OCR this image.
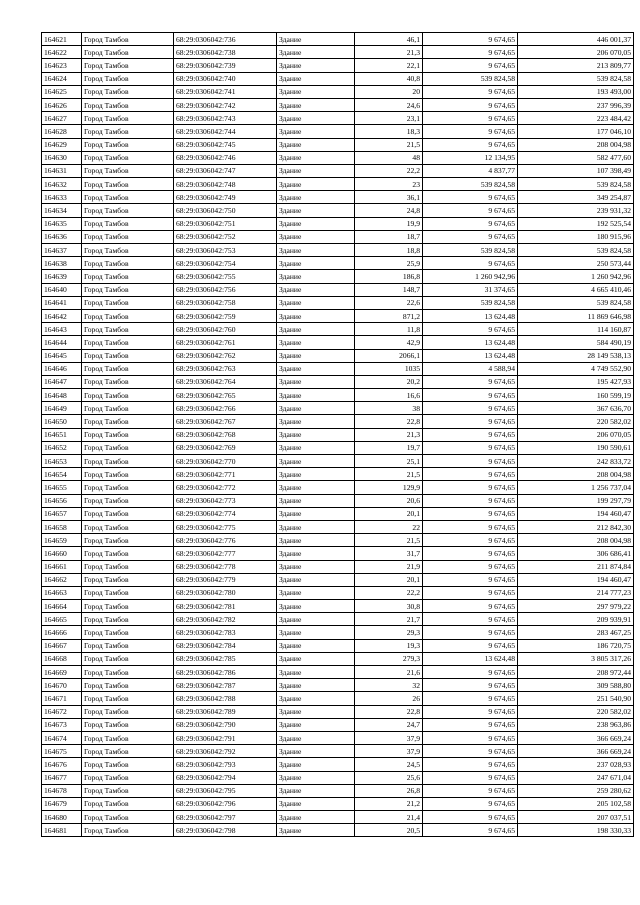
164621	Город Тамбов	68:29:0306042:736	Здание	46,1	9 674,65	446 001,37
164622	Город Тамбов	68:29:0306042:738	Здание	21,3	9 674,65	206 070,05
164623	Город Тамбов	68:29:0306042:739	Здание	22,1	9 674,65	213 809,77
164624	Город Тамбов	68:29:0306042:740	Здание	40,8	539 824,58	539 824,58
164625	Город Тамбов	68:29:0306042:741	Здание	20	9 674,65	193 493,00
164626	Город Тамбов	68:29:0306042:742	Здание	24,6	9 674,65	237 996,39
164627	Город Тамбов	68:29:0306042:743	Здание	23,1	9 674,65	223 484,42
164628	Город Тамбов	68:29:0306042:744	Здание	18,3	9 674,65	177 046,10
164629	Город Тамбов	68:29:0306042:745	Здание	21,5	9 674,65	208 004,98
164630	Город Тамбов	68:29:0306042:746	Здание	48	12 134,95	582 477,60
164631	Город Тамбов	68:29:0306042:747	Здание	22,2	4 837,77	107 398,49
164632	Город Тамбов	68:29:0306042:748	Здание	23	539 824,58	539 824,58
164633	Город Тамбов	68:29:0306042:749	Здание	36,1	9 674,65	349 254,87
164634	Город Тамбов	68:29:0306042:750	Здание	24,8	9 674,65	239 931,32
164635	Город Тамбов	68:29:0306042:751	Здание	19,9	9 674,65	192 525,54
164636	Город Тамбов	68:29:0306042:752	Здание	18,7	9 674,65	180 915,96
164637	Город Тамбов	68:29:0306042:753	Здание	18,8	539 824,58	539 824,58
164638	Город Тамбов	68:29:0306042:754	Здание	25,9	9 674,65	250 573,44
164639	Город Тамбов	68:29:0306042:755	Здание	186,8	1 260 942,96	1 260 942,96
164640	Город Тамбов	68:29:0306042:756	Здание	148,7	31 374,65	4 665 410,46
164641	Город Тамбов	68:29:0306042:758	Здание	22,6	539 824,58	539 824,58
164642	Город Тамбов	68:29:0306042:759	Здание	871,2	13 624,48	11 869 646,98
164643	Город Тамбов	68:29:0306042:760	Здание	11,8	9 674,65	114 160,87
164644	Город Тамбов	68:29:0306042:761	Здание	42,9	13 624,48	584 490,19
164645	Город Тамбов	68:29:0306042:762	Здание	2066,1	13 624,48	28 149 538,13
164646	Город Тамбов	68:29:0306042:763	Здание	1035	4 588,94	4 749 552,90
164647	Город Тамбов	68:29:0306042:764	Здание	20,2	9 674,65	195 427,93
164648	Город Тамбов	68:29:0306042:765	Здание	16,6	9 674,65	160 599,19
164649	Город Тамбов	68:29:0306042:766	Здание	38	9 674,65	367 636,70
164650	Город Тамбов	68:29:0306042:767	Здание	22,8	9 674,65	220 582,02
164651	Город Тамбов	68:29:0306042:768	Здание	21,3	9 674,65	206 070,05
164652	Город Тамбов	68:29:0306042:769	Здание	19,7	9 674,65	190 590,61
164653	Город Тамбов	68:29:0306042:770	Здание	25,1	9 674,65	242 833,72
164654	Город Тамбов	68:29:0306042:771	Здание	21,5	9 674,65	208 004,98
164655	Город Тамбов	68:29:0306042:772	Здание	129,9	9 674,65	1 256 737,04
164656	Город Тамбов	68:29:0306042:773	Здание	20,6	9 674,65	199 297,79
164657	Город Тамбов	68:29:0306042:774	Здание	20,1	9 674,65	194 460,47
164658	Город Тамбов	68:29:0306042:775	Здание	22	9 674,65	212 842,30
164659	Город Тамбов	68:29:0306042:776	Здание	21,5	9 674,65	208 004,98
164660	Город Тамбов	68:29:0306042:777	Здание	31,7	9 674,65	306 686,41
164661	Город Тамбов	68:29:0306042:778	Здание	21,9	9 674,65	211 874,84
164662	Город Тамбов	68:29:0306042:779	Здание	20,1	9 674,65	194 460,47
164663	Город Тамбов	68:29:0306042:780	Здание	22,2	9 674,65	214 777,23
164664	Город Тамбов	68:29:0306042:781	Здание	30,8	9 674,65	297 979,22
164665	Город Тамбов	68:29:0306042:782	Здание	21,7	9 674,65	209 939,91
164666	Город Тамбов	68:29:0306042:783	Здание	29,3	9 674,65	283 467,25
164667	Город Тамбов	68:29:0306042:784	Здание	19,3	9 674,65	186 720,75
164668	Город Тамбов	68:29:0306042:785	Здание	279,3	13 624,48	3 805 317,26
164669	Город Тамбов	68:29:0306042:786	Здание	21,6	9 674,65	208 972,44
164670	Город Тамбов	68:29:0306042:787	Здание	32	9 674,65	309 588,80
164671	Город Тамбов	68:29:0306042:788	Здание	26	9 674,65	251 540,90
164672	Город Тамбов	68:29:0306042:789	Здание	22,8	9 674,65	220 582,02
164673	Город Тамбов	68:29:0306042:790	Здание	24,7	9 674,65	238 963,86
164674	Город Тамбов	68:29:0306042:791	Здание	37,9	9 674,65	366 669,24
164675	Город Тамбов	68:29:0306042:792	Здание	37,9	9 674,65	366 669,24
164676	Город Тамбов	68:29:0306042:793	Здание	24,5	9 674,65	237 028,93
164677	Город Тамбов	68:29:0306042:794	Здание	25,6	9 674,65	247 671,04
164678	Город Тамбов	68:29:0306042:795	Здание	26,8	9 674,65	259 280,62
164679	Город Тамбов	68:29:0306042:796	Здание	21,2	9 674,65	205 102,58
164680	Город Тамбов	68:29:0306042:797	Здание	21,4	9 674,65	207 037,51
164681	Город Тамбов	68:29:0306042:798	Здание	20,5	9 674,65	198 330,33
